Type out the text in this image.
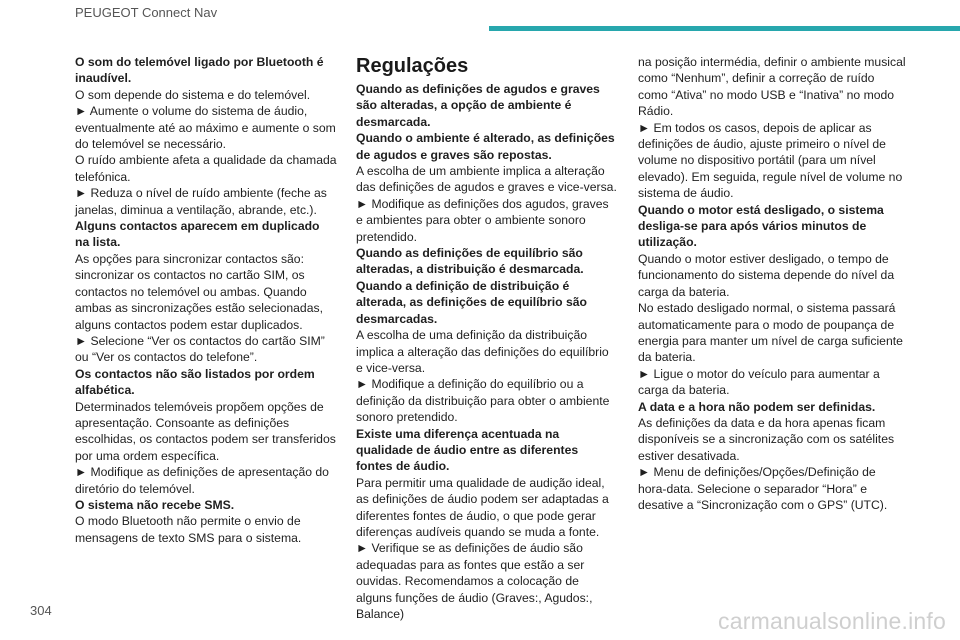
PEUGEOT Connect Nav

O som do telemóvel ligado por Bluetooth é inaudível.

O som depende do sistema e do telemóvel.

► Aumente o volume do sistema de áudio, eventualmente até ao máximo e aumente o som do telemóvel se necessário.

O ruído ambiente afeta a qualidade da chamada telefónica.

► Reduza o nível de ruído ambiente (feche as janelas, diminua a ventilação, abrande, etc.).

Alguns contactos aparecem em duplicado na lista.

As opções para sincronizar contactos são: sincronizar os contactos no cartão SIM, os contactos no telemóvel ou ambas. Quando ambas as sincronizações estão selecionadas, alguns contactos podem estar duplicados.

► Selecione “Ver os contactos do cartão SIM” ou “Ver os contactos do telefone”.

Os contactos não são listados por ordem alfabética.

Determinados telemóveis propõem opções de apresentação. Consoante as definições escolhidas, os contactos podem ser transferidos por uma ordem específica.

► Modifique as definições de apresentação do diretório do telemóvel.

O sistema não recebe SMS.

O modo Bluetooth não permite o envio de mensagens de texto SMS para o sistema.

Regulações

Quando as definições de agudos e graves são alteradas, a opção de ambiente é desmarcada.

Quando o ambiente é alterado, as definições de agudos e graves são repostas.

A escolha de um ambiente implica a alteração das definições de agudos e graves e vice-versa.

► Modifique as definições dos agudos, graves e ambientes para obter o ambiente sonoro pretendido.

Quando as definições de equilíbrio são alteradas, a distribuição é desmarcada.

Quando a definição de distribuição é alterada, as definições de equilíbrio são desmarcadas.

A escolha de uma definição da distribuição implica a alteração das definições do equilíbrio e vice-versa.

► Modifique a definição do equilíbrio ou a definição da distribuição para obter o ambiente sonoro pretendido.

Existe uma diferença acentuada na qualidade de áudio entre as diferentes fontes de áudio.

Para permitir uma qualidade de audição ideal, as definições de áudio podem ser adaptadas a diferentes fontes de áudio, o que pode gerar diferenças audíveis quando se muda a fonte.

► Verifique se as definições de áudio são adequadas para as fontes que estão a ser ouvidas. Recomendamos a colocação de alguns funções de áudio (Graves:, Agudos:, Balance)

na posição intermédia, definir o ambiente musical como “Nenhum”, definir a correção de ruído como “Ativa” no modo USB e “Inativa” no modo Rádio.

► Em todos os casos, depois de aplicar as definições de áudio, ajuste primeiro o nível de volume no dispositivo portátil (para um nível elevado). Em seguida, regule nível de volume no sistema de áudio.

Quando o motor está desligado, o sistema desliga-se para após vários minutos de utilização.

Quando o motor estiver desligado, o tempo de funcionamento do sistema depende do nível da carga da bateria.

No estado desligado normal, o sistema passará automaticamente para o modo de poupança de energia para manter um nível de carga suficiente da bateria.

► Ligue o motor do veículo para aumentar a carga da bateria.

A data e a hora não podem ser definidas.

As definições da data e da hora apenas ficam disponíveis se a sincronização com os satélites estiver desativada.

► Menu de definições/Opções/Definição de hora-data. Selecione o separador “Hora” e desative a “Sincronização com o GPS” (UTC).

304	carmanualsonline.info
